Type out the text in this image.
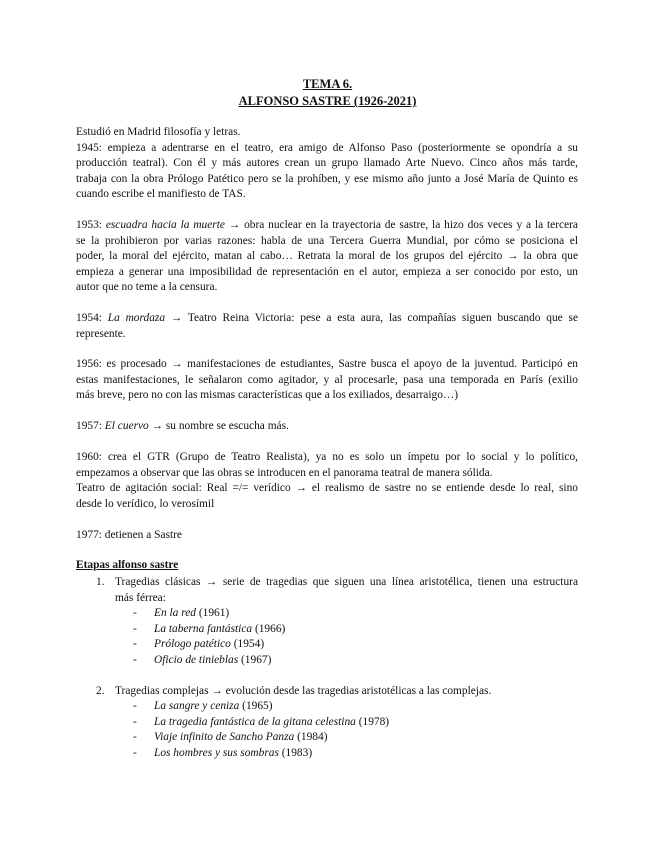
TEMA 6.
ALFONSO SASTRE (1926-2021)
Estudió en Madrid filosofía y letras.
1945: empieza a adentrarse en el teatro, era amigo de Alfonso Paso (posteriormente se opondría a su
producción teatral). Con él y más autores crean un grupo llamado Arte Nuevo. Cinco años más tarde,
trabaja con la obra Prólogo Patético pero se la prohíben, y ese mismo año junto a José María de Quinto es
cuando escribe el manifiesto de TAS.
1953: escuadra hacia la muerte → obra nuclear en la trayectoria de sastre, la hizo dos veces y a la tercera
se la prohibieron por varias razones: habla de una Tercera Guerra Mundial, por cómo se posiciona el
poder, la moral del ejército, matan al cabo… Retrata la moral de los grupos del ejército → la obra que
empieza a generar una imposibilidad de representación en el autor, empieza a ser conocido por esto, un
autor que no teme a la censura.
1954: La mordaza → Teatro Reina Victoria: pese a esta aura, las compañías siguen buscando que se
represente.
1956: es procesado → manifestaciones de estudiantes, Sastre busca el apoyo de la juventud. Participó en
estas manifestaciones, le señalaron como agitador, y al procesarle, pasa una temporada en París (exilio
más breve, pero no con las mismas características que a los exiliados, desarraigo…)
1957: El cuervo → su nombre se escucha más.
1960: crea el GTR (Grupo de Teatro Realista), ya no es solo un ímpetu por lo social y lo político,
empezamos a observar que las obras se introducen en el panorama teatral de manera sólida.
Teatro de agitación social: Real =/= verídico → el realismo de sastre no se entiende desde lo real, sino
desde lo verídico, lo verosímil
1977: detienen a Sastre
Etapas alfonso sastre
1. Tragedias clásicas → serie de tragedias que siguen una línea aristotélica, tienen una estructura
más férrea:
- En la red (1961)
- La taberna fantástica (1966)
- Prólogo patético (1954)
- Oficio de tinieblas (1967)
2. Tragedias complejas → evolución desde las tragedias aristotélicas a las complejas.
- La sangre y ceniza (1965)
- La tragedia fantástica de la gitana celestina (1978)
- Viaje infinito de Sancho Panza (1984)
- Los hombres y sus sombras (1983)
